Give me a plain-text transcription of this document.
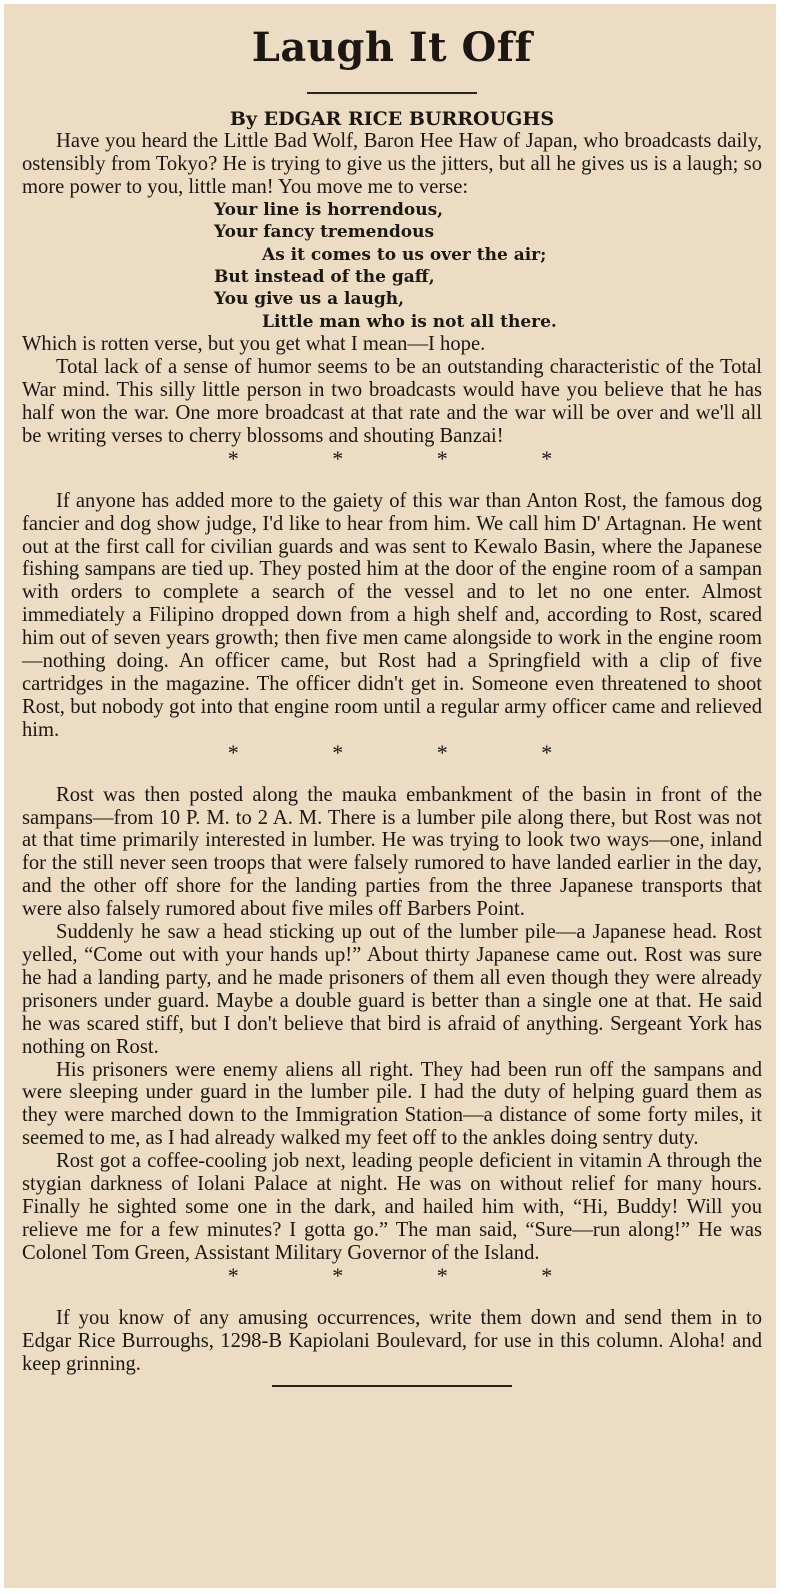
Laugh It Off
By EDGAR RICE BURROUGHS

Have you heard the Little Bad Wolf, Baron Hee Haw of Japan, who broadcasts daily, ostensibly from Tokyo? He is trying to give us the jitters, but all he gives us is a laugh; so more power to you, little man! You move me to verse:

Your line is horrendous,
Your fancy tremendous
As it comes to us over the air;
But instead of the gaff,
You give us a laugh,
Little man who is not all there.

Which is rotten verse, but you get what I mean—I hope.

Total lack of a sense of humor seems to be an outstanding characteristic of the Total War mind. This silly little person in two broadcasts would have you believe that he has half won the war. One more broadcast at that rate and the war will be over and we'll all be writing verses to cherry blossoms and shouting Banzai!

* * * *

If anyone has added more to the gaiety of this war than Anton Rost, the famous dog fancier and dog show judge, I'd like to hear from him. We call him D' Artagnan. He went out at the first call for civilian guards and was sent to Kewalo Basin, where the Japanese fishing sampans are tied up. They posted him at the door of the engine room of a sampan with orders to complete a search of the vessel and to let no one enter. Almost immediately a Filipino dropped down from a high shelf and, according to Rost, scared him out of seven years growth; then five men came alongside to work in the engine room—nothing doing. An officer came, but Rost had a Springfield with a clip of five cartridges in the magazine. The officer didn't get in. Someone even threatened to shoot Rost, but nobody got into that engine room until a regular army officer came and relieved him.

* * * *

Rost was then posted along the mauka embankment of the basin in front of the sampans—from 10 P. M. to 2 A. M. There is a lumber pile along there, but Rost was not at that time primarily interested in lumber. He was trying to look two ways—one, inland for the still never seen troops that were falsely rumored to have landed earlier in the day, and the other off shore for the landing parties from the three Japanese transports that were also falsely rumored about five miles off Barbers Point.

Suddenly he saw a head sticking up out of the lumber pile—a Japanese head. Rost yelled, “Come out with your hands up!” About thirty Japanese came out. Rost was sure he had a landing party, and he made prisoners of them all even though they were already prisoners under guard. Maybe a double guard is better than a single one at that. He said he was scared stiff, but I don't believe that bird is afraid of anything. Sergeant York has nothing on Rost.

His prisoners were enemy aliens all right. They had been run off the sampans and were sleeping under guard in the lumber pile. I had the duty of helping guard them as they were marched down to the Immigration Station—a distance of some forty miles, it seemed to me, as I had already walked my feet off to the ankles doing sentry duty.

Rost got a coffee-cooling job next, leading people deficient in vitamin A through the stygian darkness of Iolani Palace at night. He was on without relief for many hours. Finally he sighted some one in the dark, and hailed him with, “Hi, Buddy! Will you relieve me for a few minutes? I gotta go.” The man said, “Sure—run along!” He was Colonel Tom Green, Assistant Military Governor of the Island.

* * * *

If you know of any amusing occurrences, write them down and send them in to Edgar Rice Burroughs, 1298-B Kapiolani Boulevard, for use in this column. Aloha! and keep grinning.
